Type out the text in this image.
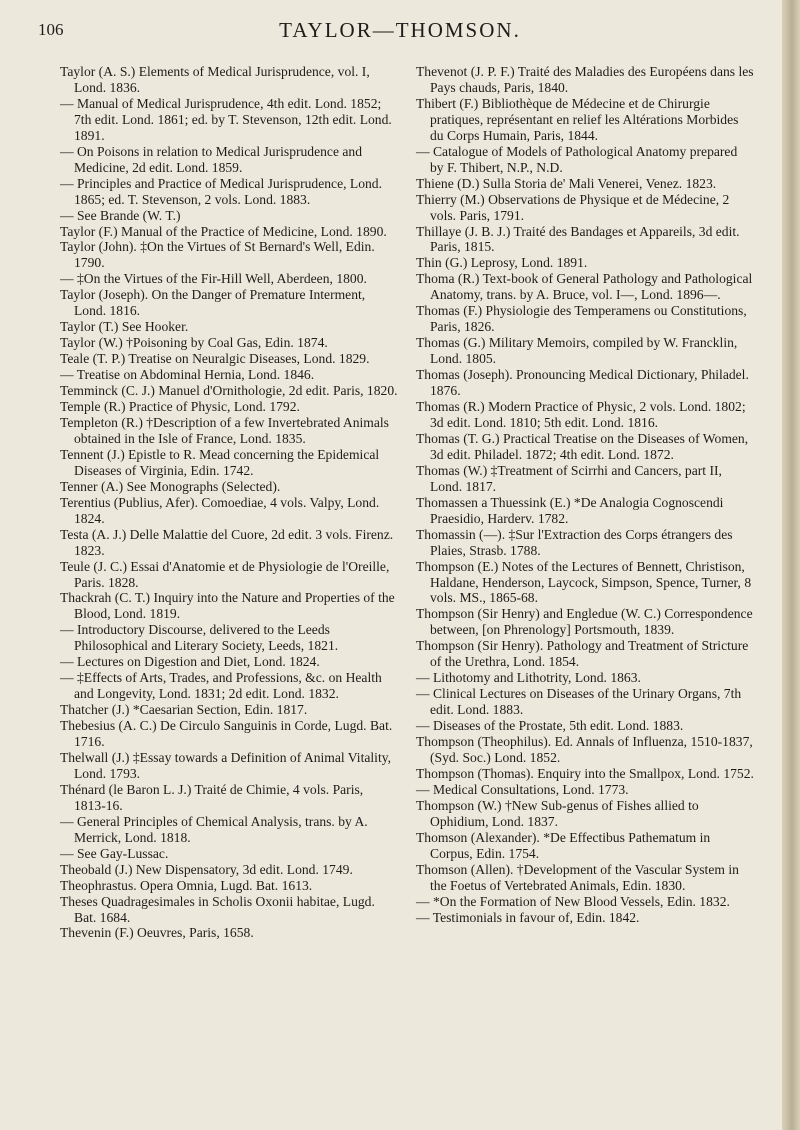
106	TAYLOR—THOMSON.

Taylor (A. S.) Elements of Medical Jurisprudence, vol. I, Lond. 1836.

— Manual of Medical Jurisprudence, 4th edit. Lond. 1852; 7th edit. Lond. 1861; ed. by T. Stevenson, 12th edit. Lond. 1891.

— On Poisons in relation to Medical Jurisprudence and Medicine, 2d edit. Lond. 1859.

— Principles and Practice of Medical Jurisprudence, Lond. 1865; ed. T. Stevenson, 2 vols. Lond. 1883.

— See Brande (W. T.)

Taylor (F.) Manual of the Practice of Medicine, Lond. 1890.

Taylor (John). ‡On the Virtues of St Bernard's Well, Edin. 1790.

— ‡On the Virtues of the Fir-Hill Well, Aberdeen, 1800.

Taylor (Joseph). On the Danger of Premature Interment, Lond. 1816.

Taylor (T.) See Hooker.

Taylor (W.) †Poisoning by Coal Gas, Edin. 1874.

Teale (T. P.) Treatise on Neuralgic Diseases, Lond. 1829.

— Treatise on Abdominal Hernia, Lond. 1846.

Temminck (C. J.) Manuel d'Ornithologie, 2d edit. Paris, 1820.

Temple (R.) Practice of Physic, Lond. 1792.

Templeton (R.) †Description of a few Invertebrated Animals obtained in the Isle of France, Lond. 1835.

Tennent (J.) Epistle to R. Mead concerning the Epidemical Diseases of Virginia, Edin. 1742.

Tenner (A.) See Monographs (Selected).

Terentius (Publius, Afer). Comoediae, 4 vols. Valpy, Lond. 1824.

Testa (A. J.) Delle Malattie del Cuore, 2d edit. 3 vols. Firenz. 1823.

Teule (J. C.) Essai d'Anatomie et de Physiologie de l'Oreille, Paris. 1828.

Thackrah (C. T.) Inquiry into the Nature and Properties of the Blood, Lond. 1819.

— Introductory Discourse, delivered to the Leeds Philosophical and Literary Society, Leeds, 1821.

— Lectures on Digestion and Diet, Lond. 1824.

— ‡Effects of Arts, Trades, and Professions, &c. on Health and Longevity, Lond. 1831; 2d edit. Lond. 1832.

Thatcher (J.) *Caesarian Section, Edin. 1817.

Thebesius (A. C.) De Circulo Sanguinis in Corde, Lugd. Bat. 1716.

Thelwall (J.) ‡Essay towards a Definition of Animal Vitality, Lond. 1793.

Thénard (le Baron L. J.) Traité de Chimie, 4 vols. Paris, 1813-16.

— General Principles of Chemical Analysis, trans. by A. Merrick, Lond. 1818.

— See Gay-Lussac.

Theobald (J.) New Dispensatory, 3d edit. Lond. 1749.

Theophrastus. Opera Omnia, Lugd. Bat. 1613.

Theses Quadragesimales in Scholis Oxonii habitae, Lugd. Bat. 1684.

Thevenin (F.) Oeuvres, Paris, 1658.

Thevenot (J. P. F.) Traité des Maladies des Européens dans les Pays chauds, Paris, 1840.

Thibert (F.) Bibliothèque de Médecine et de Chirurgie pratiques, représentant en relief les Altérations Morbides du Corps Humain, Paris, 1844.

— Catalogue of Models of Pathological Anatomy prepared by F. Thibert, N.P., N.D.

Thiene (D.) Sulla Storia de' Mali Venerei, Venez. 1823.

Thierry (M.) Observations de Physique et de Médecine, 2 vols. Paris, 1791.

Thillaye (J. B. J.) Traité des Bandages et Appareils, 3d edit. Paris, 1815.

Thin (G.) Leprosy, Lond. 1891.

Thoma (R.) Text-book of General Pathology and Pathological Anatomy, trans. by A. Bruce, vol. I—, Lond. 1896—.

Thomas (F.) Physiologie des Temperamens ou Constitutions, Paris, 1826.

Thomas (G.) Military Memoirs, compiled by W. Francklin, Lond. 1805.

Thomas (Joseph). Pronouncing Medical Dictionary, Philadel. 1876.

Thomas (R.) Modern Practice of Physic, 2 vols. Lond. 1802; 3d edit. Lond. 1810; 5th edit. Lond. 1816.

Thomas (T. G.) Practical Treatise on the Diseases of Women, 3d edit. Philadel. 1872; 4th edit. Lond. 1872.

Thomas (W.) ‡Treatment of Scirrhi and Cancers, part II, Lond. 1817.

Thomassen a Thuessink (E.) *De Analogia Cognoscendi Praesidio, Harderv. 1782.

Thomassin (—). ‡Sur l'Extraction des Corps étrangers des Plaies, Strasb. 1788.

Thompson (E.) Notes of the Lectures of Bennett, Christison, Haldane, Henderson, Laycock, Simpson, Spence, Turner, 8 vols. MS., 1865-68.

Thompson (Sir Henry) and Engledue (W. C.) Correspondence between, [on Phrenology] Portsmouth, 1839.

Thompson (Sir Henry). Pathology and Treatment of Stricture of the Urethra, Lond. 1854.

— Lithotomy and Lithotrity, Lond. 1863.

— Clinical Lectures on Diseases of the Urinary Organs, 7th edit. Lond. 1883.

— Diseases of the Prostate, 5th edit. Lond. 1883.

Thompson (Theophilus). Ed. Annals of Influenza, 1510-1837, (Syd. Soc.) Lond. 1852.

Thompson (Thomas). Enquiry into the Smallpox, Lond. 1752.

— Medical Consultations, Lond. 1773.

Thompson (W.) †New Sub-genus of Fishes allied to Ophidium, Lond. 1837.

Thomson (Alexander). *De Effectibus Pathematum in Corpus, Edin. 1754.

Thomson (Allen). †Development of the Vascular System in the Foetus of Vertebrated Animals, Edin. 1830.

— *On the Formation of New Blood Vessels, Edin. 1832.

— Testimonials in favour of, Edin. 1842.
